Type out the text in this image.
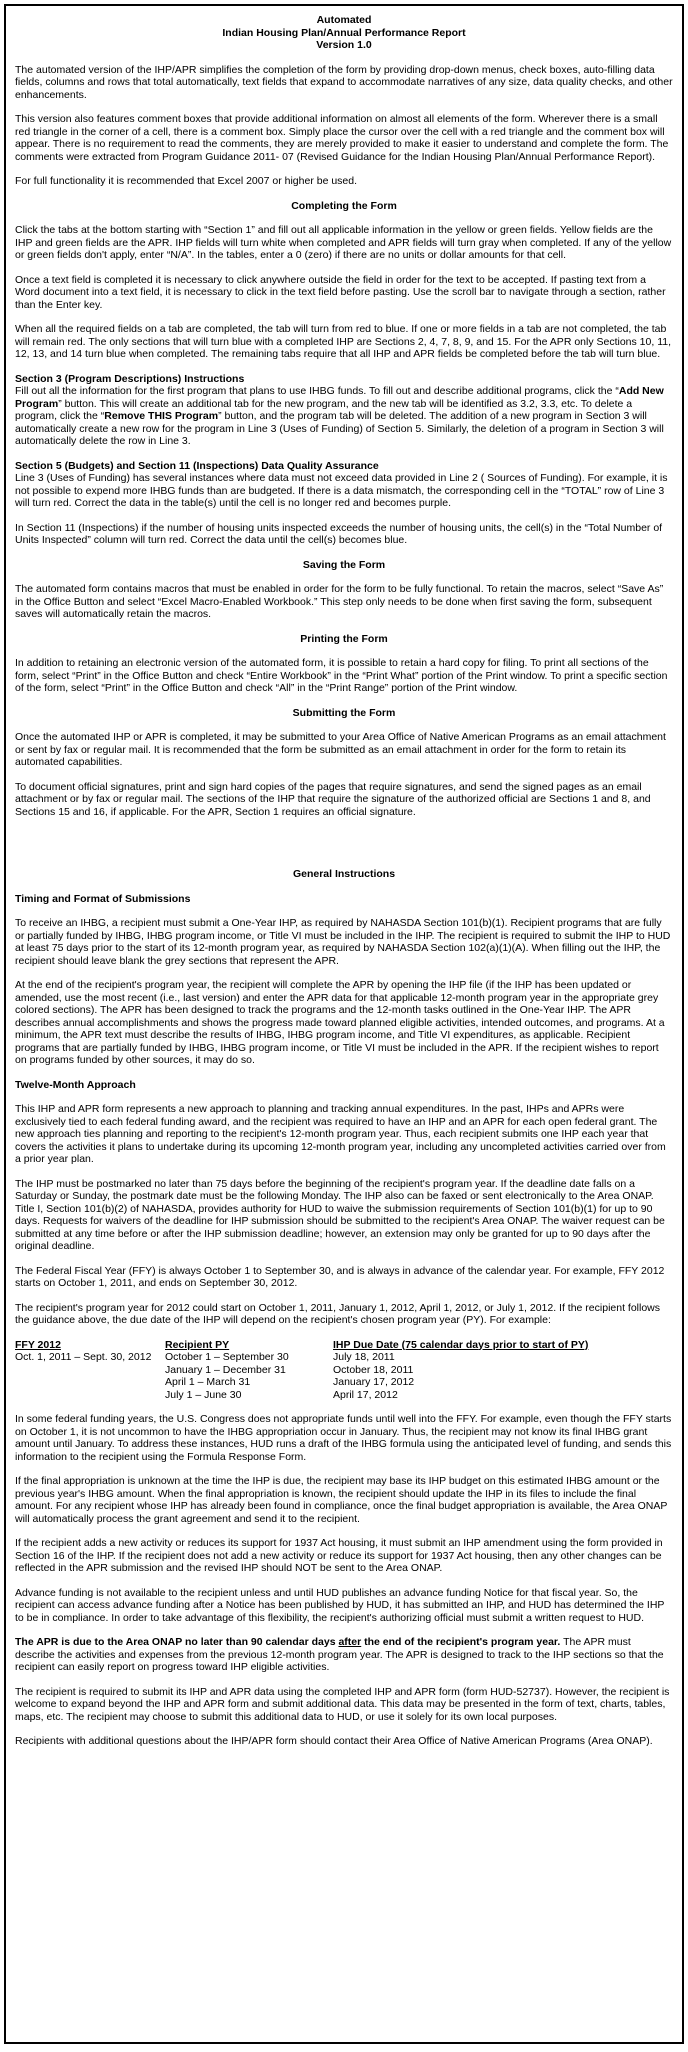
Automated
Indian Housing Plan/Annual Performance Report
Version 1.0

The automated version of the IHP/APR simplifies the completion of the form by providing drop-down menus, check boxes, auto-filling data fields, columns and rows that total automatically, text fields that expand to accommodate narratives of any size, data quality checks, and other enhancements.

This version also features comment boxes that provide additional information on almost all elements of the form. Wherever there is a small red triangle in the corner of a cell, there is a comment box. Simply place the cursor over the cell with a red triangle and the comment box will appear. There is no requirement to read the comments, they are merely provided to make it easier to understand and complete the form. The comments were extracted from Program Guidance 2011- 07 (Revised Guidance for the Indian Housing Plan/Annual Performance Report).

For full functionality it is recommended that Excel 2007 or higher be used.

Completing the Form

Click the tabs at the bottom starting with “Section 1” and fill out all applicable information in the yellow or green fields. Yellow fields are the IHP and green fields are the APR. IHP fields will turn white when completed and APR fields will turn gray when completed. If any of the yellow or green fields don't apply, enter “N/A”. In the tables, enter a 0 (zero) if there are no units or dollar amounts for that cell.

Once a text field is completed it is necessary to click anywhere outside the field in order for the text to be accepted. If pasting text from a Word document into a text field, it is necessary to click in the text field before pasting. Use the scroll bar to navigate through a section, rather than the Enter key.

When all the required fields on a tab are completed, the tab will turn from red to blue. If one or more fields in a tab are not completed, the tab will remain red. The only sections that will turn blue with a completed IHP are Sections 2, 4, 7, 8, 9, and 15. For the APR only Sections 10, 11, 12, 13, and 14 turn blue when completed. The remaining tabs require that all IHP and APR fields be completed before the tab will turn blue.

Section 3 (Program Descriptions) Instructions
Fill out all the information for the first program that plans to use IHBG funds. To fill out and describe additional programs, click the “Add New Program” button. This will create an additional tab for the new program, and the new tab will be identified as 3.2, 3.3, etc. To delete a program, click the “Remove THIS Program” button, and the program tab will be deleted. The addition of a new program in Section 3 will automatically create a new row for the program in Line 3 (Uses of Funding) of Section 5. Similarly, the deletion of a program in Section 3 will automatically delete the row in Line 3.

Section 5 (Budgets) and Section 11 (Inspections) Data Quality Assurance
Line 3 (Uses of Funding) has several instances where data must not exceed data provided in Line 2 ( Sources of Funding). For example, it is not possible to expend more IHBG funds than are budgeted. If there is a data mismatch, the corresponding cell in the “TOTAL” row of Line 3 will turn red. Correct the data in the table(s) until the cell is no longer red and becomes purple.

In Section 11 (Inspections) if the number of housing units inspected exceeds the number of housing units, the cell(s) in the “Total Number of Units Inspected” column will turn red. Correct the data until the cell(s) becomes blue.

Saving the Form

The automated form contains macros that must be enabled in order for the form to be fully functional. To retain the macros, select “Save As” in the Office Button and select “Excel Macro-Enabled Workbook.” This step only needs to be done when first saving the form, subsequent saves will automatically retain the macros.

Printing the Form

In addition to retaining an electronic version of the automated form, it is possible to retain a hard copy for filing. To print all sections of the form, select “Print” in the Office Button and check “Entire Workbook” in the “Print What” portion of the Print window. To print a specific section of the form, select “Print” in the Office Button and check “All” in the “Print Range” portion of the Print window.

Submitting the Form

Once the automated IHP or APR is completed, it may be submitted to your Area Office of Native American Programs as an email attachment or sent by fax or regular mail. It is recommended that the form be submitted as an email attachment in order for the form to retain its automated capabilities.

To document official signatures, print and sign hard copies of the pages that require signatures, and send the signed pages as an email attachment or by fax or regular mail. The sections of the IHP that require the signature of the authorized official are Sections 1 and 8, and Sections 15 and 16, if applicable. For the APR, Section 1 requires an official signature.

General Instructions
Timing and Format of Submissions

To receive an IHBG, a recipient must submit a One-Year IHP, as required by NAHASDA Section 101(b)(1). Recipient programs that are fully or partially funded by IHBG, IHBG program income, or Title VI must be included in the IHP. The recipient is required to submit the IHP to HUD at least 75 days prior to the start of its 12-month program year, as required by NAHASDA Section 102(a)(1)(A). When filling out the IHP, the recipient should leave blank the grey sections that represent the APR.

At the end of the recipient's program year, the recipient will complete the APR by opening the IHP file (if the IHP has been updated or amended, use the most recent (i.e., last version) and enter the APR data for that applicable 12-month program year in the appropriate grey colored sections). The APR has been designed to track the programs and the 12-month tasks outlined in the One-Year IHP. The APR describes annual accomplishments and shows the progress made toward planned eligible activities, intended outcomes, and programs. At a minimum, the APR text must describe the results of IHBG, IHBG program income, and Title VI expenditures, as applicable. Recipient programs that are partially funded by IHBG, IHBG program income, or Title VI must be included in the APR. If the recipient wishes to report on programs funded by other sources, it may do so.

Twelve-Month Approach

This IHP and APR form represents a new approach to planning and tracking annual expenditures. In the past, IHPs and APRs were exclusively tied to each federal funding award, and the recipient was required to have an IHP and an APR for each open federal grant. The new approach ties planning and reporting to the recipient's 12-month program year. Thus, each recipient submits one IHP each year that covers the activities it plans to undertake during its upcoming 12-month program year, including any uncompleted activities carried over from a prior year plan.

The IHP must be postmarked no later than 75 days before the beginning of the recipient's program year. If the deadline date falls on a Saturday or Sunday, the postmark date must be the following Monday. The IHP also can be faxed or sent electronically to the Area ONAP. Title I, Section 101(b)(2) of NAHASDA, provides authority for HUD to waive the submission requirements of Section 101(b)(1) for up to 90 days. Requests for waivers of the deadline for IHP submission should be submitted to the recipient's Area ONAP. The waiver request can be submitted at any time before or after the IHP submission deadline; however, an extension may only be granted for up to 90 days after the original deadline.

The Federal Fiscal Year (FFY) is always October 1 to September 30, and is always in advance of the calendar year. For example, FFY 2012 starts on October 1, 2011, and ends on September 30, 2012.

The recipient's program year for 2012 could start on October 1, 2011, January 1, 2012, April 1, 2012, or July 1, 2012. If the recipient follows the guidance above, the due date of the IHP will depend on the recipient's chosen program year (PY). For example:

FFY 2012	Recipient PY	IHP Due Date (75 calendar days prior to start of PY)
Oct. 1, 2011 – Sept. 30, 2012	October 1 – September 30	July 18, 2011
January 1 – December 31	October 18, 2011
April 1 – March 31	January 17, 2012
July 1 – June 30	April 17, 2012

In some federal funding years, the U.S. Congress does not appropriate funds until well into the FFY. For example, even though the FFY starts on October 1, it is not uncommon to have the IHBG appropriation occur in January. Thus, the recipient may not know its final IHBG grant amount until January. To address these instances, HUD runs a draft of the IHBG formula using the anticipated level of funding, and sends this information to the recipient using the Formula Response Form.

If the final appropriation is unknown at the time the IHP is due, the recipient may base its IHP budget on this estimated IHBG amount or the previous year's IHBG amount. When the final appropriation is known, the recipient should update the IHP in its files to include the final amount. For any recipient whose IHP has already been found in compliance, once the final budget appropriation is available, the Area ONAP will automatically process the grant agreement and send it to the recipient.

If the recipient adds a new activity or reduces its support for 1937 Act housing, it must submit an IHP amendment using the form provided in Section 16 of the IHP. If the recipient does not add a new activity or reduce its support for 1937 Act housing, then any other changes can be reflected in the APR submission and the revised IHP should NOT be sent to the Area ONAP.

Advance funding is not available to the recipient unless and until HUD publishes an advance funding Notice for that fiscal year. So, the recipient can access advance funding after a Notice has been published by HUD, it has submitted an IHP, and HUD has determined the IHP to be in compliance. In order to take advantage of this flexibility, the recipient's authorizing official must submit a written request to HUD.

The APR is due to the Area ONAP no later than 90 calendar days after the end of the recipient's program year. The APR must describe the activities and expenses from the previous 12-month program year. The APR is designed to track to the IHP sections so that the recipient can easily report on progress toward IHP eligible activities.

The recipient is required to submit its IHP and APR data using the completed IHP and APR form (form HUD-52737). However, the recipient is welcome to expand beyond the IHP and APR form and submit additional data. This data may be presented in the form of text, charts, tables, maps, etc. The recipient may choose to submit this additional data to HUD, or use it solely for its own local purposes.

Recipients with additional questions about the IHP/APR form should contact their Area Office of Native American Programs (Area ONAP).
